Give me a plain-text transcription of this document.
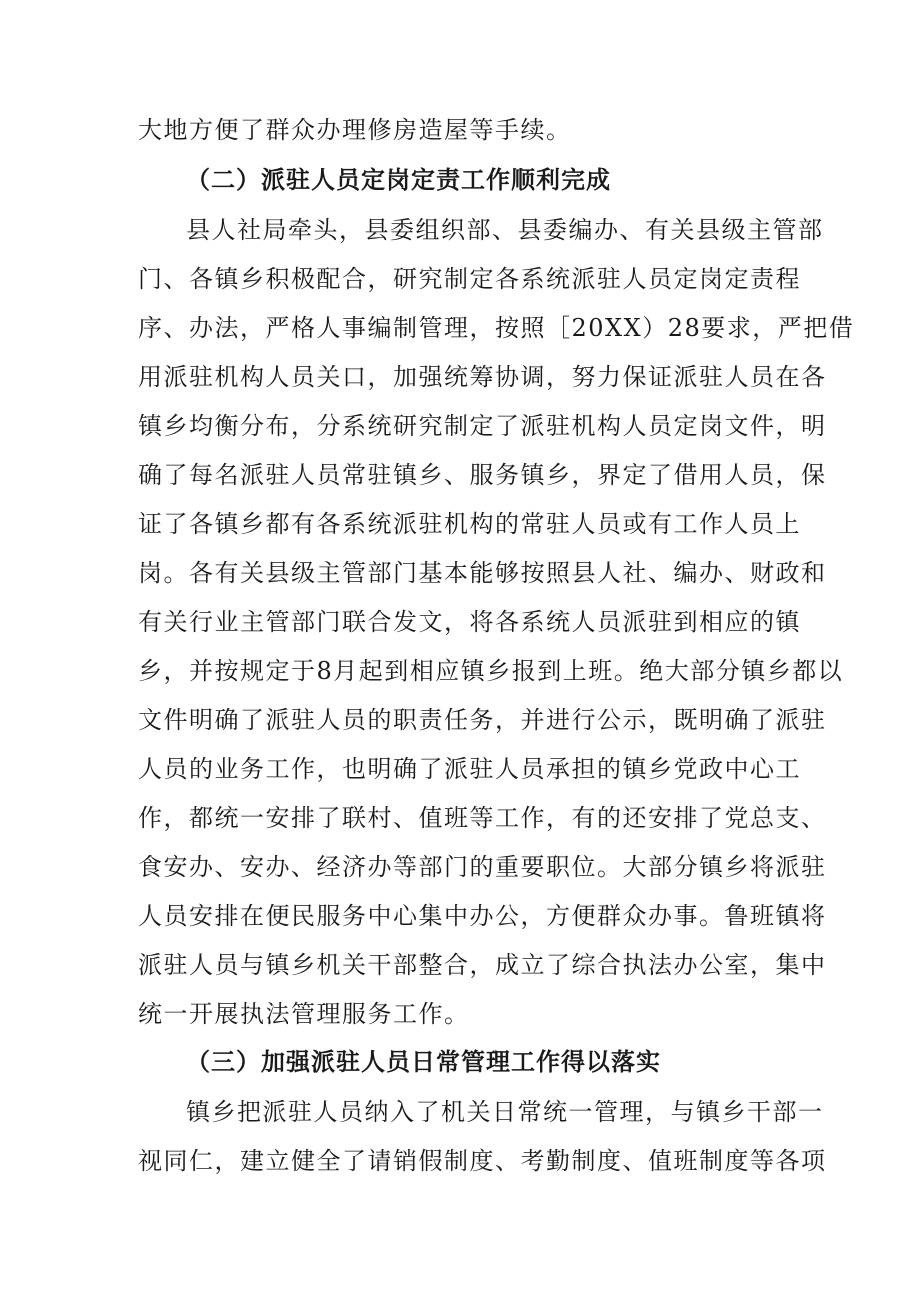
大地方便了群众办理修房造屋等手续。
（二）派驻人员定岗定责工作顺利完成
县人社局牵头，县委组织部、县委编办、有关县级主管部
门、各镇乡积极配合，研究制定各系统派驻人员定岗定责程
序、办法，严格人事编制管理，按照［20XX）28要求，严把借
用派驻机构人员关口，加强统筹协调，努力保证派驻人员在各
镇乡均衡分布，分系统研究制定了派驻机构人员定岗文件，明
确了每名派驻人员常驻镇乡、服务镇乡，界定了借用人员，保
证了各镇乡都有各系统派驻机构的常驻人员或有工作人员上
岗。各有关县级主管部门基本能够按照县人社、编办、财政和
有关行业主管部门联合发文，将各系统人员派驻到相应的镇
乡，并按规定于8月起到相应镇乡报到上班。绝大部分镇乡都以
文件明确了派驻人员的职责任务，并进行公示，既明确了派驻
人员的业务工作，也明确了派驻人员承担的镇乡党政中心工
作，都统一安排了联村、值班等工作，有的还安排了党总支、
食安办、安办、经济办等部门的重要职位。大部分镇乡将派驻
人员安排在便民服务中心集中办公，方便群众办事。鲁班镇将
派驻人员与镇乡机关干部整合，成立了综合执法办公室，集中
统一开展执法管理服务工作。
（三）加强派驻人员日常管理工作得以落实
镇乡把派驻人员纳入了机关日常统一管理，与镇乡干部一
视同仁，建立健全了请销假制度、考勤制度、值班制度等各项
